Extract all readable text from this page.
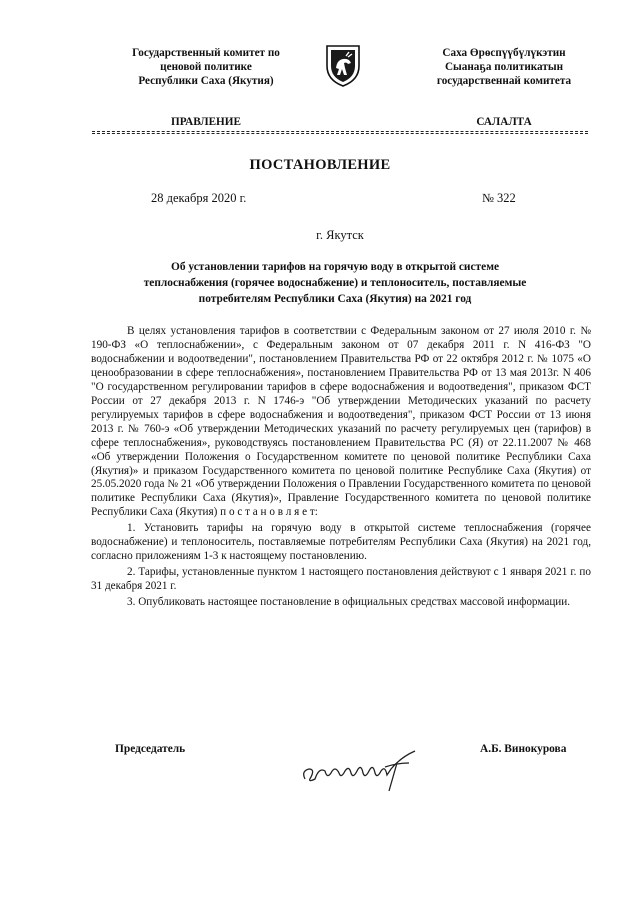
Государственный комитет по
ценовой политике
Республики Саха (Якутия)
Саха Өрөспүүбүлүкэтин
Сыанаҕа политикатын
государственнай комитета
ПРАВЛЕНИЕ	САЛАЛТА
ПОСТАНОВЛЕНИЕ
28 декабря 2020 г.	№ 322
г. Якутск
Об установлении тарифов на горячую воду в открытой системе
теплоснабжения (горячее водоснабжение) и теплоноситель, поставляемые
потребителям Республики Саха (Якутия) на 2021 год

В целях установления тарифов в соответствии с Федеральным законом от 27 июля 2010 г. № 190-ФЗ «О теплоснабжении», с Федеральным законом от 07 декабря 2011 г. N 416-ФЗ "О водоснабжении и водоотведении", постановлением Правительства РФ от 22 октября 2012 г. № 1075 «О ценообразовании в сфере теплоснабжения», постановлением Правительства РФ от 13 мая 2013г. N 406 "О государственном регулировании тарифов в сфере водоснабжения и водоотведения", приказом ФСТ России от 27 декабря 2013 г. N 1746-э "Об утверждении Методических указаний по расчету регулируемых тарифов в сфере водоснабжения и водоотведения", приказом ФСТ России от 13 июня 2013 г. № 760-э «Об утверждении Методических указаний по расчету регулируемых цен (тарифов) в сфере теплоснабжения», руководствуясь постановлением Правительства РС (Я) от 22.11.2007 № 468 «Об утверждении Положения о Государственном комитете по ценовой политике Республики Саха (Якутия)» и приказом Государственного комитета по ценовой политике Республике Саха (Якутия) от 25.05.2020 года № 21 «Об утверждении Положения о Правлении Государственного комитета по ценовой политике Республики Саха (Якутия)», Правление Государственного комитета по ценовой политике Республики Саха (Якутия) п о с т а н о в л я е т:

1. Установить тарифы на горячую воду в открытой системе теплоснабжения (горячее водоснабжение) и теплоноситель, поставляемые потребителям Республики Саха (Якутия) на 2021 год, согласно приложениям 1-3 к настоящему постановлению.

2. Тарифы, установленные пунктом 1 настоящего постановления действуют с 1 января 2021 г. по 31 декабря 2021 г.

3. Опубликовать настоящее постановление в официальных средствах массовой информации.

Председатель	А.Б. Винокурова
